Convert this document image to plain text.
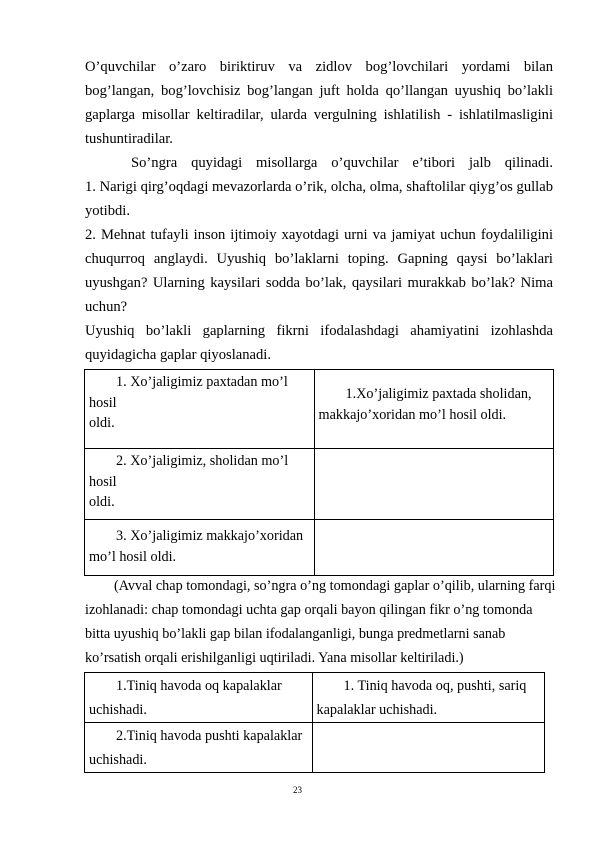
O’quvchilar o’zaro biriktiruv va zidlov bog’lovchilari yordami bilan
bog’langan, bog’lovchisiz bog’langan juft holda qo’llangan uyushiq bo’lakli
gaplarga misollar keltiradilar, ularda vergulning ishlatilish - ishlatilmasligini
tushuntiradilar.
So’ngra quyidagi misollarga o’quvchilar e’tibori jalb qilinadi.
1. Narigi qirg’oqdagi mevazorlarda o’rik, olcha, olma, shaftolilar qiyg’os gullab
yotibdi.
2. Mehnat tufayli inson ijtimoiy xayotdagi urni va jamiyat uchun foydaliligini
chuqurroq anglaydi. Uyushiq bo’laklarni toping. Gapning qaysi bo’laklari
uyushgan? Ularning kaysilari sodda bo’lak, qaysilari murakkab bo’lak? Nima
uchun?
Uyushiq bo’lakli gaplarning fikrni ifodalashdagi ahamiyatini izohlashda
quyidagicha gaplar qiyoslanadi.
1. Xo’jaligimiz paxtadan mo’l
hosil
oldi.	1.Xo’jaligimiz paxtada sholidan,
makkajo’xoridan mo’l hosil oldi.

2. Xo’jaligimiz, sholidan mo’l
hosil
oldi.	

3. Xo’jaligimiz makkajo’xoridan
mo’l hosil oldi.	

(Avval chap tomondagi, so’ngra o’ng tomondagi gaplar o’qilib, ularning farqi
izohlanadi: chap tomondagi uchta gap orqali bayon qilingan fikr o’ng tomonda
bitta uyushiq bo’lakli gap bilan ifodalanganligi, bunga predmetlarni sanab
ko’rsatish orqali erishilganligi uqtiriladi. Yana misollar keltiriladi.)
1.Tiniq havoda oq kapalaklar
uchishadi.	1. Tiniq havoda oq, pushti, sariq
kapalaklar uchishadi.

2.Tiniq havoda pushti kapalaklar
uchishadi.	

23
